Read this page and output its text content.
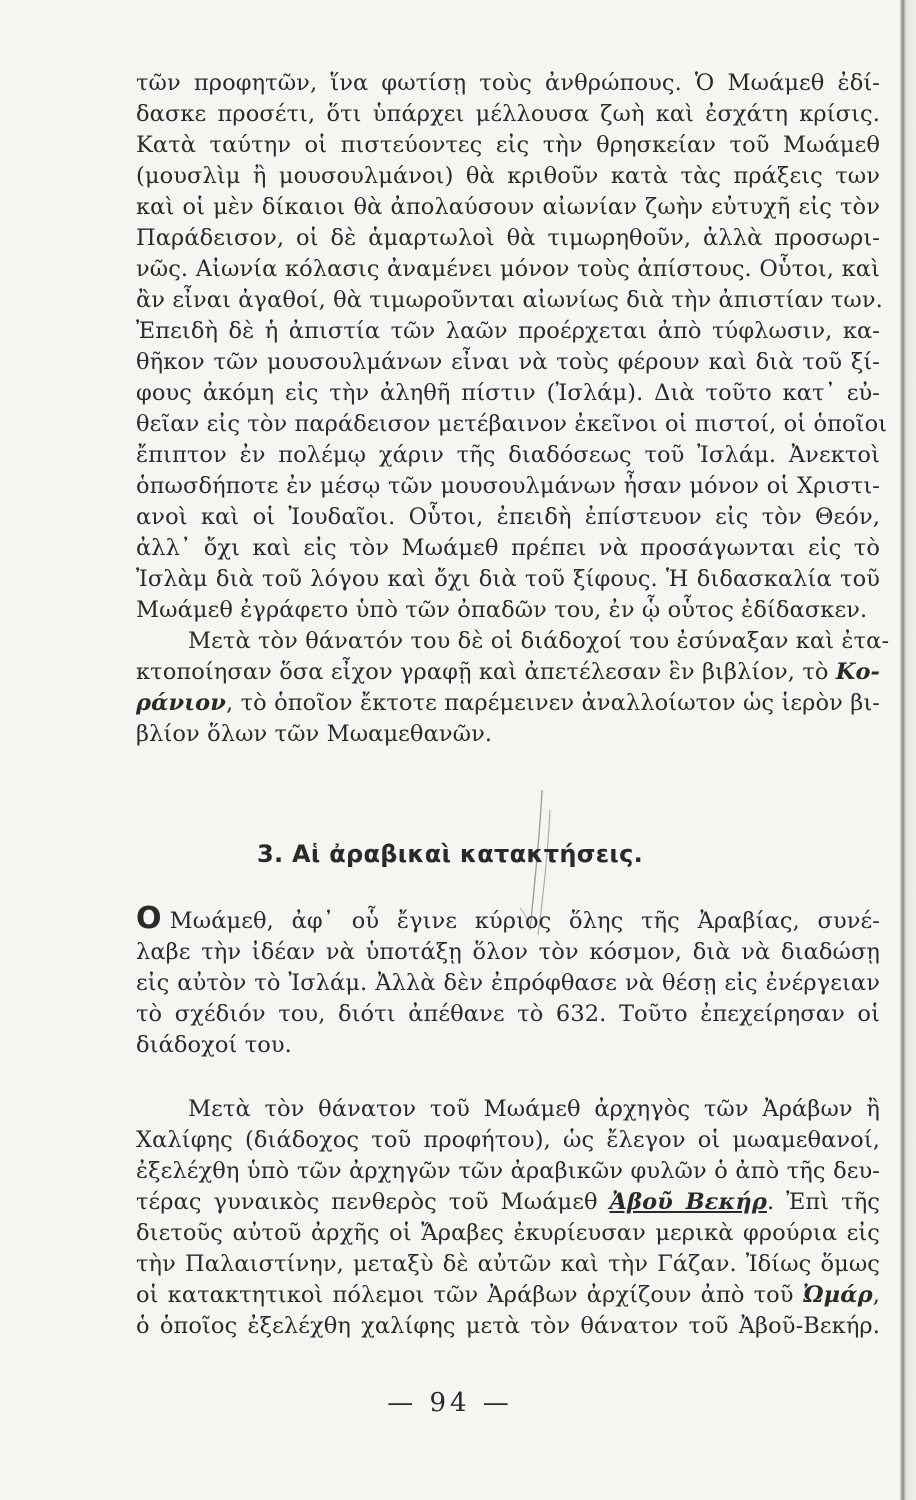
τῶν προφητῶν, ἵνα φωτίσῃ τοὺς ἀνθρώπους. Ὁ Μωάμεθ ἐδί-
δασκε προσέτι, ὅτι ὑπάρχει μέλλουσα ζωὴ καὶ ἐσχάτη κρίσις.
Κατὰ ταύτην οἱ πιστεύοντες εἰς τὴν θρησκείαν τοῦ Μωάμεθ
(μουσλὶμ ἢ μουσουλμάνοι) θὰ κριθοῦν κατὰ τὰς πράξεις των
καὶ οἱ μὲν δίκαιοι θὰ ἀπολαύσουν αἰωνίαν ζωὴν εὐτυχῆ εἰς τὸν
Παράδεισον, οἱ δὲ ἁμαρτωλοὶ θὰ τιμωρηθοῦν, ἀλλὰ προσωρι-
νῶς. Αἰωνία κόλασις ἀναμένει μόνον τοὺς ἀπίστους. Οὗτοι, καὶ
ἂν εἶναι ἀγαθοί, θὰ τιμωροῦνται αἰωνίως διὰ τὴν ἀπιστίαν των.
Ἐπειδὴ δὲ ἡ ἀπιστία τῶν λαῶν προέρχεται ἀπὸ τύφλωσιν, κα-
θῆκον τῶν μουσουλμάνων εἶναι νὰ τοὺς φέρουν καὶ διὰ τοῦ ξί-
φους ἀκόμη εἰς τὴν ἀληθῆ πίστιν (Ἰσλάμ). Διὰ τοῦτο κατ᾿ εὐ-
θεῖαν εἰς τὸν παράδεισον μετέβαινον ἐκεῖνοι οἱ πιστοί, οἱ ὁποῖοι
ἔπιπτον ἐν πολέμῳ χάριν τῆς διαδόσεως τοῦ Ἰσλάμ. Ἀνεκτοὶ
ὁπωσδήποτε ἐν μέσῳ τῶν μουσουλμάνων ἦσαν μόνον οἱ Χριστι-
ανοὶ καὶ οἱ Ἰουδαῖοι. Οὗτοι, ἐπειδὴ ἐπίστευον εἰς τὸν Θεόν,
ἀλλ᾿ ὄχι καὶ εἰς τὸν Μωάμεθ πρέπει νὰ προσάγωνται εἰς τὸ
Ἰσλὰμ διὰ τοῦ λόγου καὶ ὄχι διὰ τοῦ ξίφους. Ἡ διδασκαλία τοῦ
Μωάμεθ ἐγράφετο ὑπὸ τῶν ὀπαδῶν του, ἐν ᾧ οὗτος ἐδίδασκεν.
Μετὰ τὸν θάνατόν του δὲ οἱ διάδοχοί του ἐσύναξαν καὶ ἐτα-
κτοποίησαν ὅσα εἶχον γραφῇ καὶ ἀπετέλεσαν ἓν βιβλίον, τὸ Κο-
ράνιον, τὸ ὁποῖον ἔκτοτε παρέμεινεν ἀναλλοίωτον ὡς ἱερὸν βι-
βλίον ὅλων τῶν Μωαμεθανῶν.
3. Αἱ ἀραβικαὶ κατακτήσεις.
Ο Μωάμεθ, ἀφ᾿ οὗ ἔγινε κύριος ὅλης τῆς Ἀραβίας, συνέ-
λαβε τὴν ἰδέαν νὰ ὑποτάξῃ ὅλον τὸν κόσμον, διὰ νὰ διαδώσῃ
εἰς αὐτὸν τὸ Ἰσλάμ. Ἀλλὰ δὲν ἐπρόφθασε νὰ θέσῃ εἰς ἐνέργειαν
τὸ σχέδιόν του, διότι ἀπέθανε τὸ 632. Τοῦτο ἐπεχείρησαν οἱ
διάδοχοί του.
Μετὰ τὸν θάνατον τοῦ Μωάμεθ ἀρχηγὸς τῶν Ἀράβων ἢ
Χαλίφης (διάδοχος τοῦ προφήτου), ὡς ἔλεγον οἱ μωαμεθανοί,
ἐξελέχθη ὑπὸ τῶν ἀρχηγῶν τῶν ἀραβικῶν φυλῶν ὁ ἀπὸ τῆς δευ-
τέρας γυναικὸς πενθερὸς τοῦ Μωάμεθ Ἀβοῦ Βεκήρ. Ἐπὶ τῆς
διετοῦς αὐτοῦ ἀρχῆς οἱ Ἄραβες ἐκυρίευσαν μερικὰ φρούρια εἰς
τὴν Παλαιστίνην, μεταξὺ δὲ αὐτῶν καὶ τὴν Γάζαν. Ἰδίως ὅμως
οἱ κατακτητικοὶ πόλεμοι τῶν Ἀράβων ἀρχίζουν ἀπὸ τοῦ Ὠμάρ,
ὁ ὁποῖος ἐξελέχθη χαλίφης μετὰ τὸν θάνατον τοῦ Ἀβοῦ-Βεκήρ.
— 94 —
